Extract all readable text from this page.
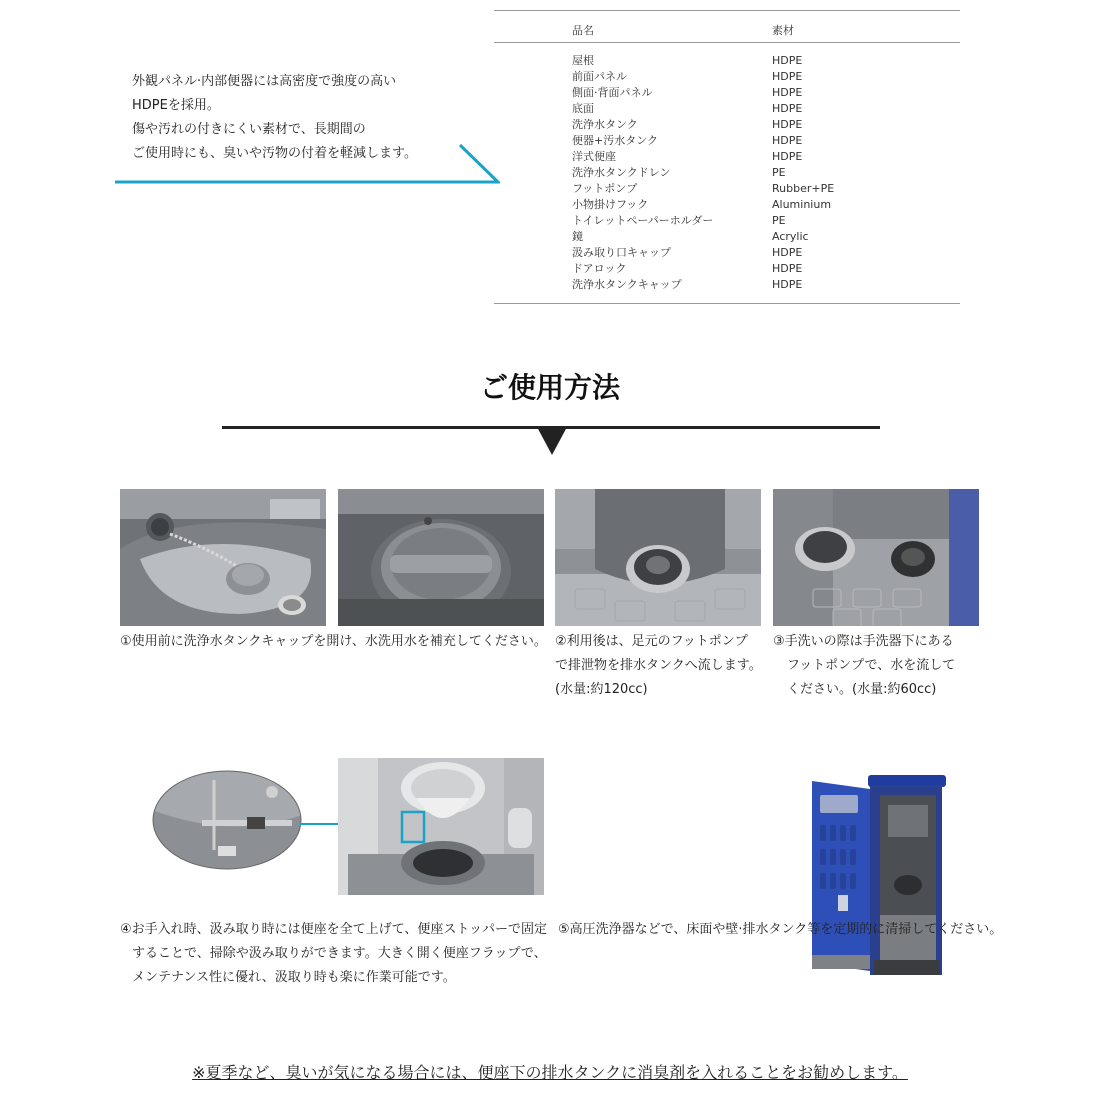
外観パネル·内部便器には高密度で強度の高い
HDPEを採用。
傷や汚れの付きにくい素材で、長期間の
ご使用時にも、臭いや汚物の付着を軽減します。
品名	素材
屋根	HDPE
前面パネル	HDPE
側面·背面パネル	HDPE
底面	HDPE
洗浄水タンク	HDPE
便器+汚水タンク	HDPE
洋式便座	HDPE
洗浄水タンクドレン	PE
フットポンプ	Rubber+PE
小物掛けフック	Aluminium
トイレットペーパーホルダー	PE
鏡	Acrylic
汲み取り口キャップ	HDPE
ドアロック	HDPE
洗浄水タンクキャップ	HDPE
ご使用方法
①使用前に洗浄水タンクキャップを開け、水洗用水を補充してください。 ②利用後は、足元のフットポンプ
で排泄物を排水タンクへ流します。
(水量:約120cc)
③手洗いの際は手洗器下にある
フットポンプで、水を流して
ください。(水量:約60cc)
④お手入れ時、汲み取り時には便座を全て上げて、便座ストッパーで固定
することで、掃除や汲み取りができます。大きく開く便座フラップで、
メンテナンス性に優れ、汲取り時も楽に作業可能です。
⑤高圧洗浄器などで、床面や壁·排水タンク等を定期的に清掃してください。
※夏季など、臭いが気になる場合には、便座下の排水タンクに消臭剤を入れることをお勧めします。
